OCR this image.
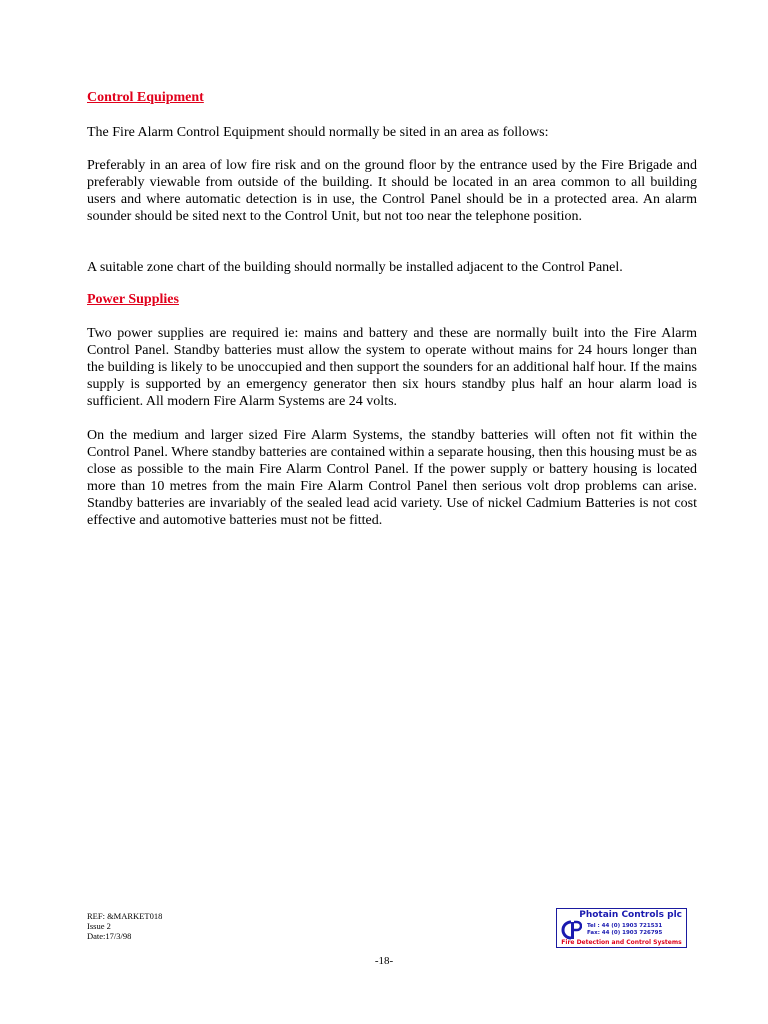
Control Equipment

The Fire Alarm Control Equipment should normally be sited in an area as follows:

Preferably in an area of low fire risk and on the ground floor by the entrance used by the Fire Brigade and preferably viewable from outside of the building. It should be located in an area common to all building users and where automatic detection is in use, the Control Panel should be in a protected area. An alarm sounder should be sited next to the Control Unit, but not too near the telephone position.

A suitable zone chart of the building should normally be installed adjacent to the Control Panel.

Power Supplies

Two power supplies are required ie: mains and battery and these are normally built into the Fire Alarm Control Panel. Standby batteries must allow the system to operate without mains for 24 hours longer than the building is likely to be unoccupied and then support the sounders for an additional half hour. If the mains supply is supported by an emergency generator then six hours standby plus half an hour alarm load is sufficient. All modern Fire Alarm Systems are 24 volts.

On the medium and larger sized Fire Alarm Systems, the standby batteries will often not fit within the Control Panel. Where standby batteries are contained within a separate housing, then this housing must be as close as possible to the main Fire Alarm Control Panel. If the power supply or battery housing is located more than 10 metres from the main Fire Alarm Control Panel then serious volt drop problems can arise. Standby batteries are invariably of the sealed lead acid variety. Use of nickel Cadmium Batteries is not cost effective and automotive batteries must not be fitted.

REF: &MARKET018
Issue 2
Date:17/3/98
Photain Controls plc
Tel : 44 (0) 1903 721531
Fax: 44 (0) 1903 726795
Fire Detection and Control Systems
-18-
